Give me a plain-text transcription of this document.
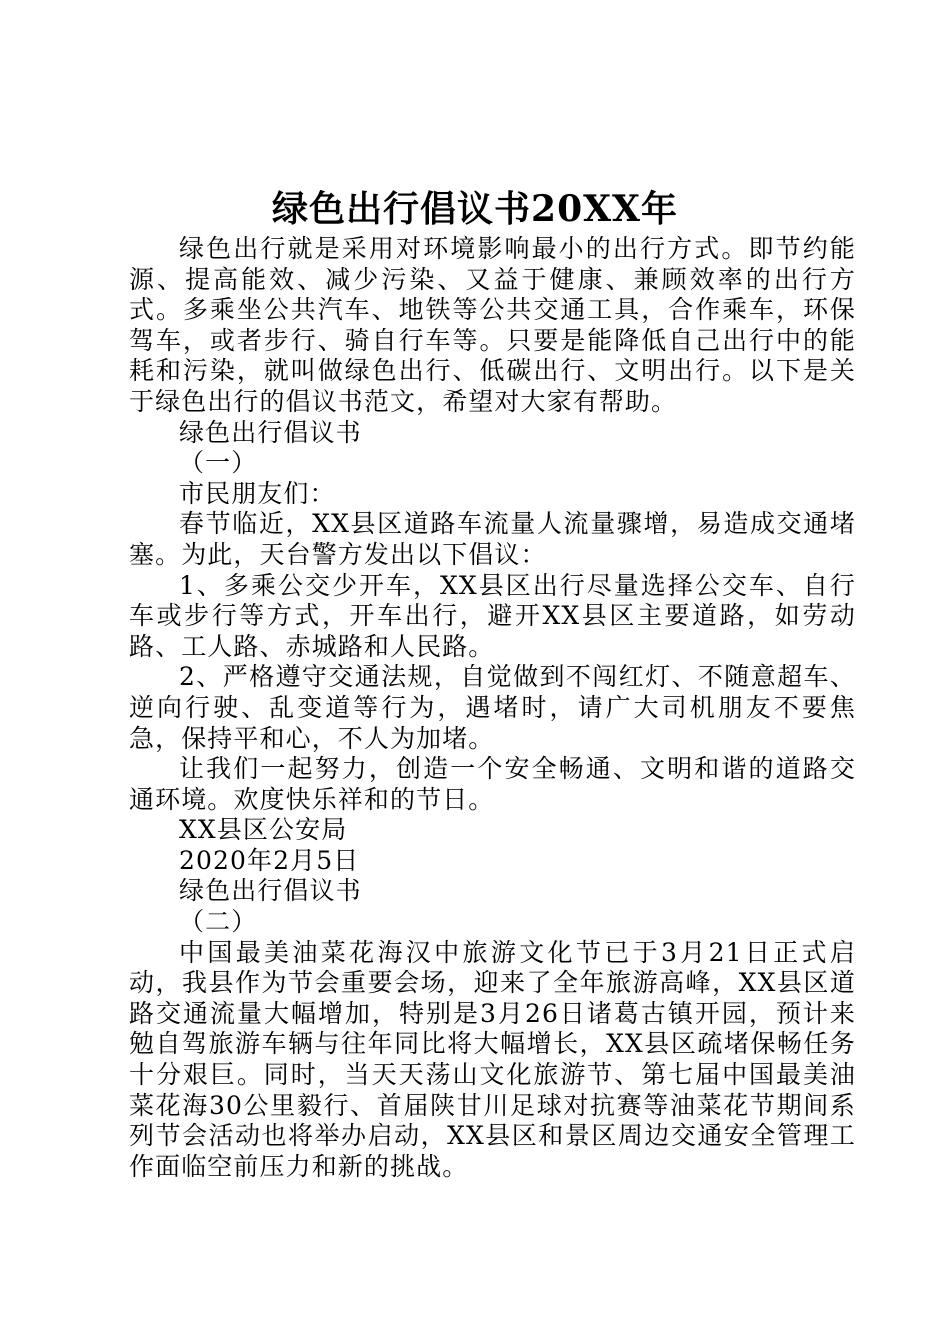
绿色出行倡议书20XX年

绿色出行就是采用对环境影响最小的出行方式。即节约能源、提高能效、减少污染、又益于健康、兼顾效率的出行方式。多乘坐公共汽车、地铁等公共交通工具，合作乘车，环保驾车，或者步行、骑自行车等。只要是能降低自己出行中的能耗和污染，就叫做绿色出行、低碳出行、文明出行。以下是关于绿色出行的倡议书范文，希望对大家有帮助。

绿色出行倡议书

（一）

市民朋友们：

春节临近，XX县区道路车流量人流量骤增，易造成交通堵塞。为此，天台警方发出以下倡议：

1、多乘公交少开车，XX县区出行尽量选择公交车、自行车或步行等方式，开车出行，避开XX县区主要道路，如劳动路、工人路、赤城路和人民路。

2、严格遵守交通法规，自觉做到不闯红灯、不随意超车、逆向行驶、乱变道等行为，遇堵时，请广大司机朋友不要焦急，保持平和心，不人为加堵。

让我们一起努力，创造一个安全畅通、文明和谐的道路交通环境。欢度快乐祥和的节日。

XX县区公安局

2020年2月5日

绿色出行倡议书

（二）

中国最美油菜花海汉中旅游文化节已于3月21日正式启动，我县作为节会重要会场，迎来了全年旅游高峰，XX县区道路交通流量大幅增加，特别是3月26日诸葛古镇开园，预计来勉自驾旅游车辆与往年同比将大幅增长，XX县区疏堵保畅任务十分艰巨。同时，当天天荡山文化旅游节、第七届中国最美油菜花海30公里毅行、首届陕甘川足球对抗赛等油菜花节期间系列节会活动也将举办启动，XX县区和景区周边交通安全管理工作面临空前压力和新的挑战。
